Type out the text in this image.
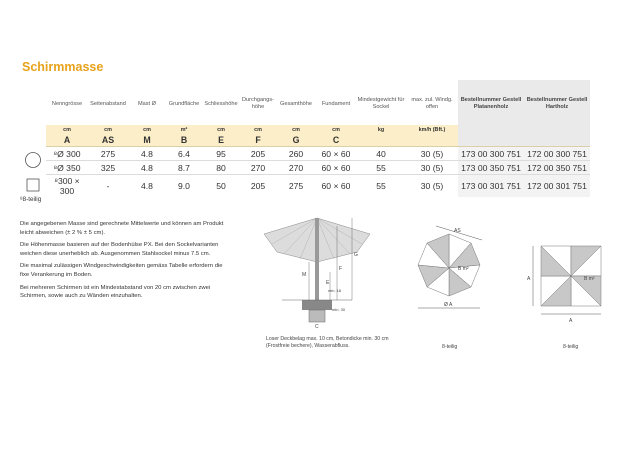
Schirmmasse
	Nenngrösse	Seitenabstand	Mast Ø	Grundfläche	Schliesshöhe	Durchgangs-höhe	Gesamthöhe	Fundament	Mindestgewicht für Sockel	max. zul. Windg. offen	Bestellnummer Gestell Platanenholz	Bestellnummer Gestell Hartholz
	cm	cm	cm	m²	cm	cm	cm	cm	kg	km/h (Bft.)		
	A	AS	M	B	E	F	G	C				
	⁸Ø 300	275	4.8	6.4	95	205	260	60 × 60	40	30 (5)	173 00 300 751	172 00 300 751
	⁸Ø 350	325	4.8	8.7	80	270	270	60 × 60	55	30 (5)	173 00 350 751	172 00 350 751
	⁸300 × 300	-	4.8	9.0	50	205	275	60 × 60	55	30 (5)	173 00 301 751	172 00 301 751
⁸8-teilig

Die angegebenen Masse sind gerechnete Mittelwerte und können am Produkt leicht abweichen (± 2 % ± 5 cm).

Die Höhenmasse basieren auf der Bodenhülse PX. Bei den Sockelvarianten weichen diese unerheblich ab. Ausgenommen Stahlsockel minus 7.5 cm.

Die maximal zulässigen Windgeschwindigkeiten gemäss Tabelle erfordern die fixe Verankerung im Boden.

Bei mehreren Schirmen ist ein Mindestabstand von 20 cm zwischen zwei Schirmen, sowie auch zu Wänden einzuhalten.

M
E
F
G
C
min. 18
min. 30
Loser Deckbelag max. 10 cm, Betondicke min. 30 cm (Frostfreie bechere), Wasserabfluss.
AS
B m²
Ø A
8-teilig
A	B m²
A
8-teilig
